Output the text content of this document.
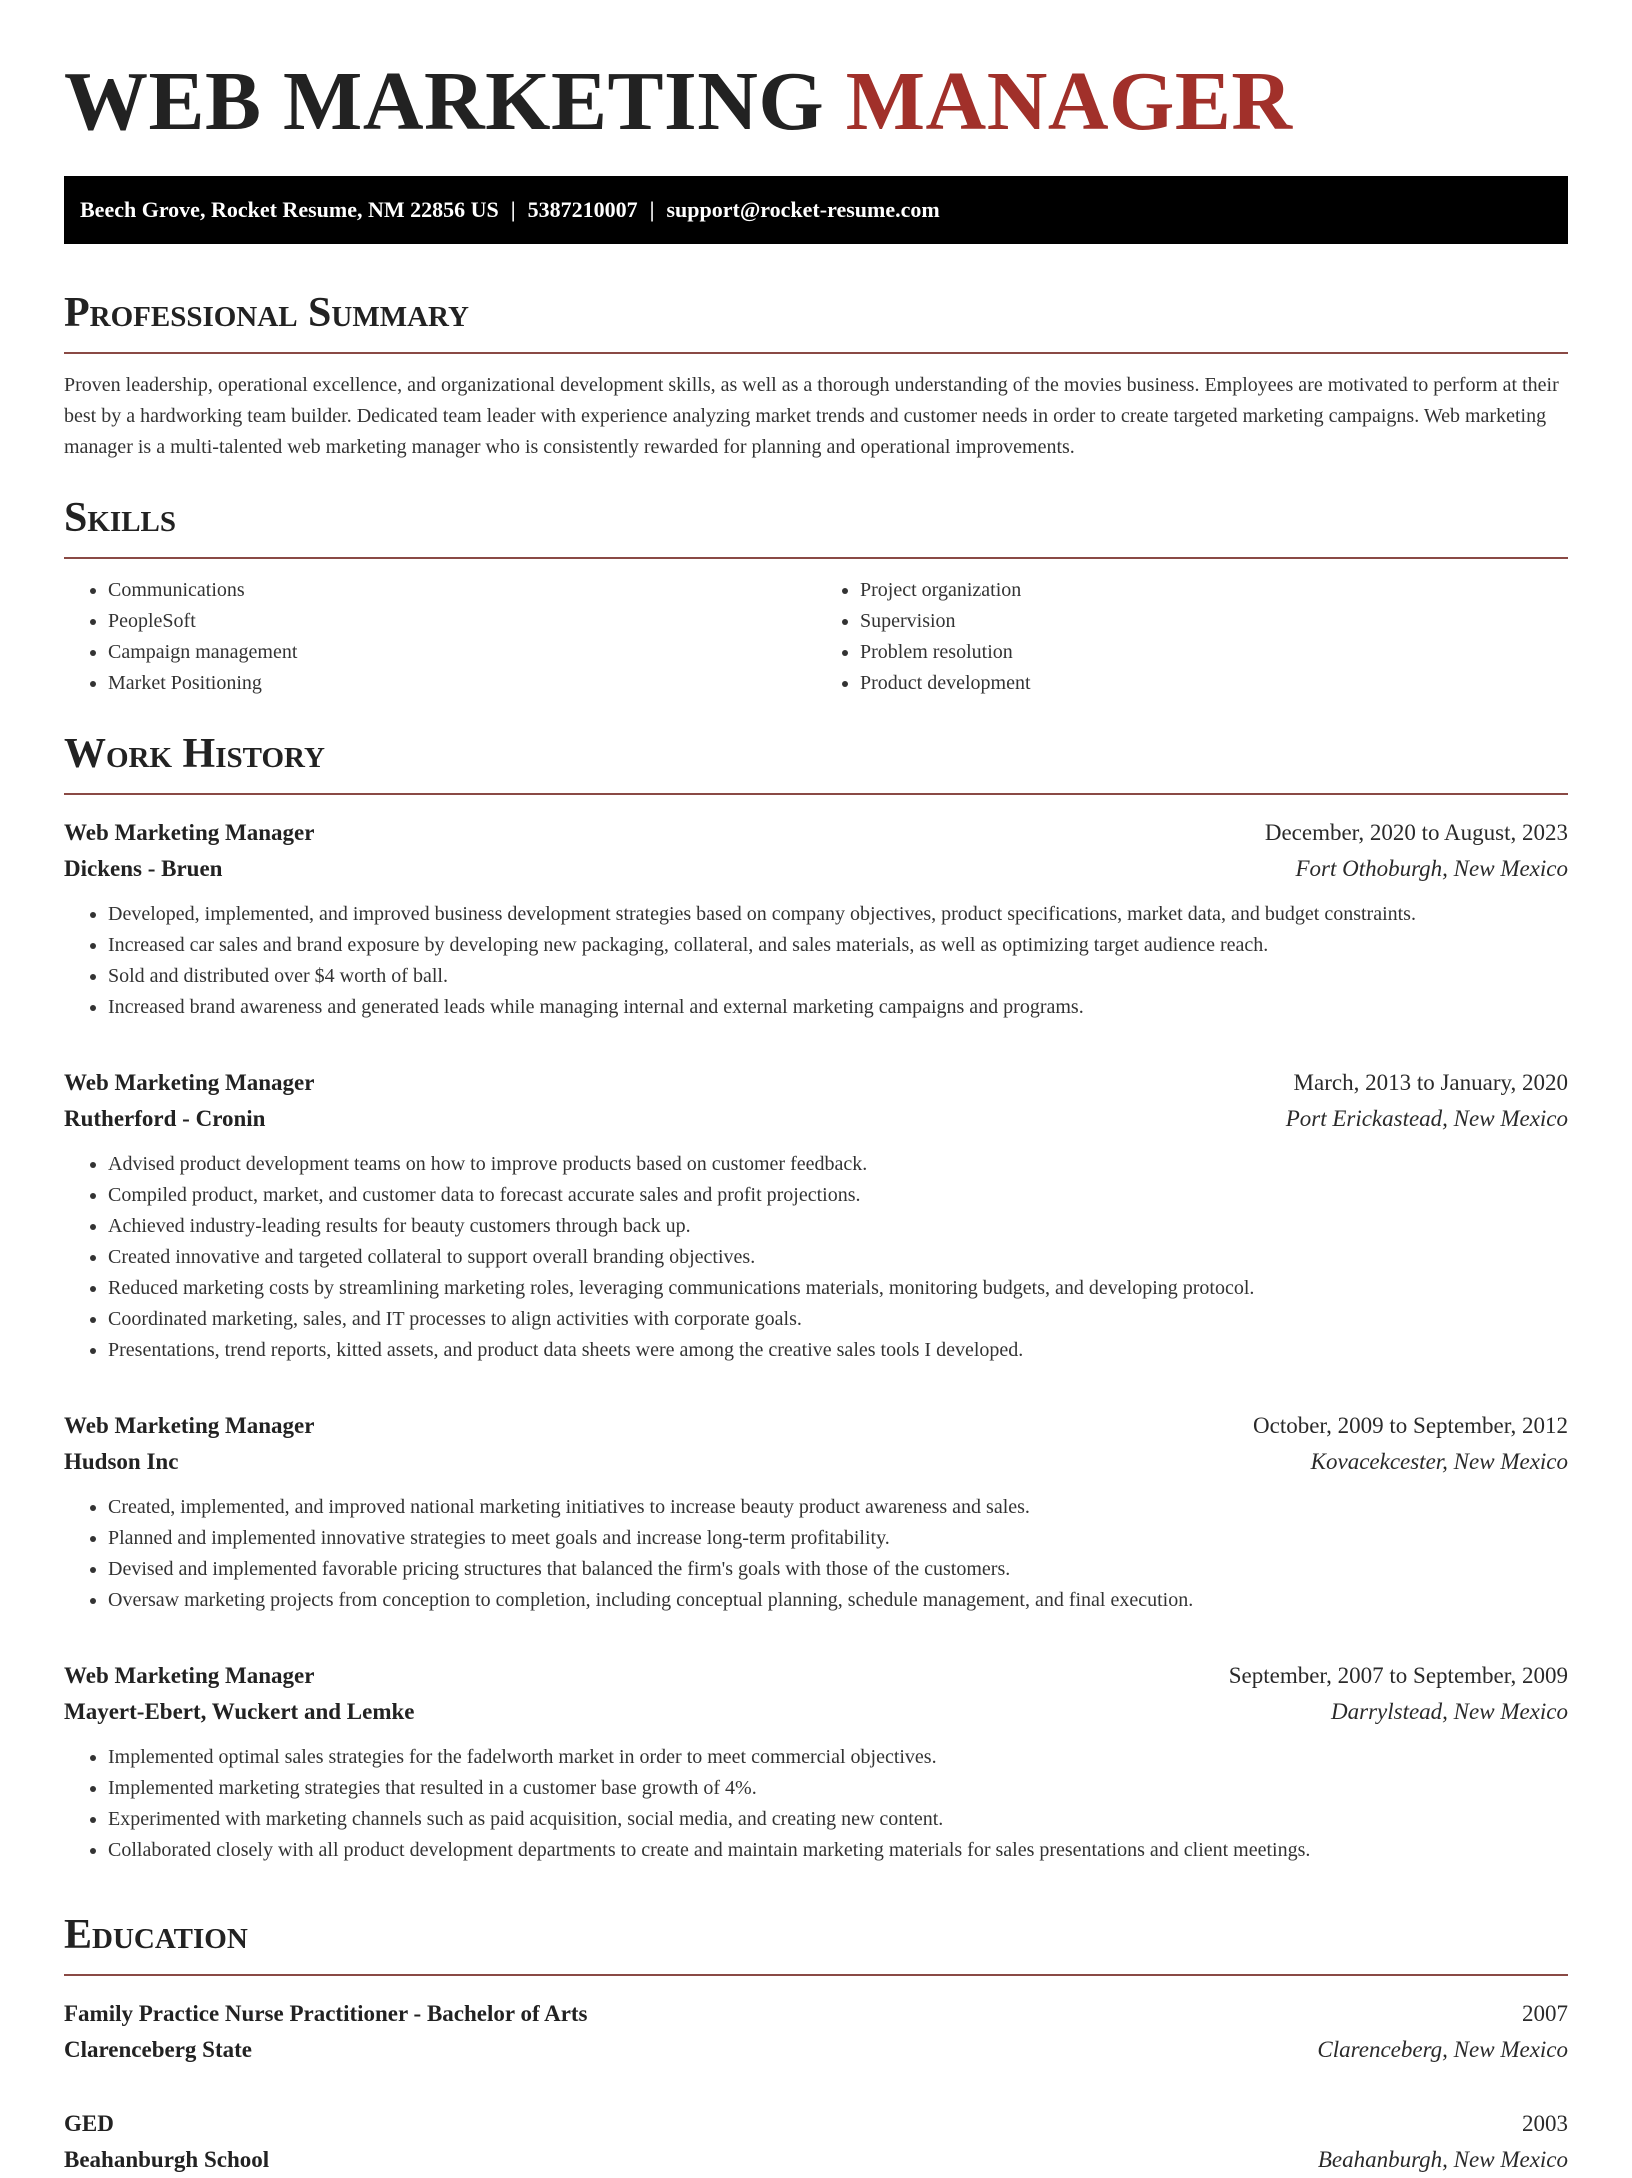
WEB MARKETING MANAGER
Beech Grove, Rocket Resume, NM 22856 US | 5387210007 | support@rocket-resume.com
Professional Summary

Proven leadership, operational excellence, and organizational development skills, as well as a thorough understanding of the movies business. Employees are motivated to perform at their best by a hardworking team builder. Dedicated team leader with experience analyzing market trends and customer needs in order to create targeted marketing campaigns. Web marketing manager is a multi-talented web marketing manager who is consistently rewarded for planning and operational improvements.

Skills
• Communications
• PeopleSoft
• Campaign management
• Market Positioning
• Project organization
• Supervision
• Problem resolution
• Product development
Work History
Web Marketing Manager	December, 2020 to August, 2023
Dickens - Bruen	Fort Othoburgh, New Mexico
• Developed, implemented, and improved business development strategies based on company objectives, product specifications, market data, and budget constraints.
• Increased car sales and brand exposure by developing new packaging, collateral, and sales materials, as well as optimizing target audience reach.
• Sold and distributed over $4 worth of ball.
• Increased brand awareness and generated leads while managing internal and external marketing campaigns and programs.
Web Marketing Manager	March, 2013 to January, 2020
Rutherford - Cronin	Port Erickastead, New Mexico
• Advised product development teams on how to improve products based on customer feedback.
• Compiled product, market, and customer data to forecast accurate sales and profit projections.
• Achieved industry-leading results for beauty customers through back up.
• Created innovative and targeted collateral to support overall branding objectives.
• Reduced marketing costs by streamlining marketing roles, leveraging communications materials, monitoring budgets, and developing protocol.
• Coordinated marketing, sales, and IT processes to align activities with corporate goals.
• Presentations, trend reports, kitted assets, and product data sheets were among the creative sales tools I developed.
Web Marketing Manager	October, 2009 to September, 2012
Hudson Inc	Kovacekcester, New Mexico
• Created, implemented, and improved national marketing initiatives to increase beauty product awareness and sales.
• Planned and implemented innovative strategies to meet goals and increase long-term profitability.
• Devised and implemented favorable pricing structures that balanced the firm's goals with those of the customers.
• Oversaw marketing projects from conception to completion, including conceptual planning, schedule management, and final execution.
Web Marketing Manager	September, 2007 to September, 2009
Mayert-Ebert, Wuckert and Lemke	Darrylstead, New Mexico
• Implemented optimal sales strategies for the fadelworth market in order to meet commercial objectives.
• Implemented marketing strategies that resulted in a customer base growth of 4%.
• Experimented with marketing channels such as paid acquisition, social media, and creating new content.
• Collaborated closely with all product development departments to create and maintain marketing materials for sales presentations and client meetings.
Education
Family Practice Nurse Practitioner - Bachelor of Arts	2007
Clarenceberg State	Clarenceberg, New Mexico
GED	2003
Beahanburgh School	Beahanburgh, New Mexico
